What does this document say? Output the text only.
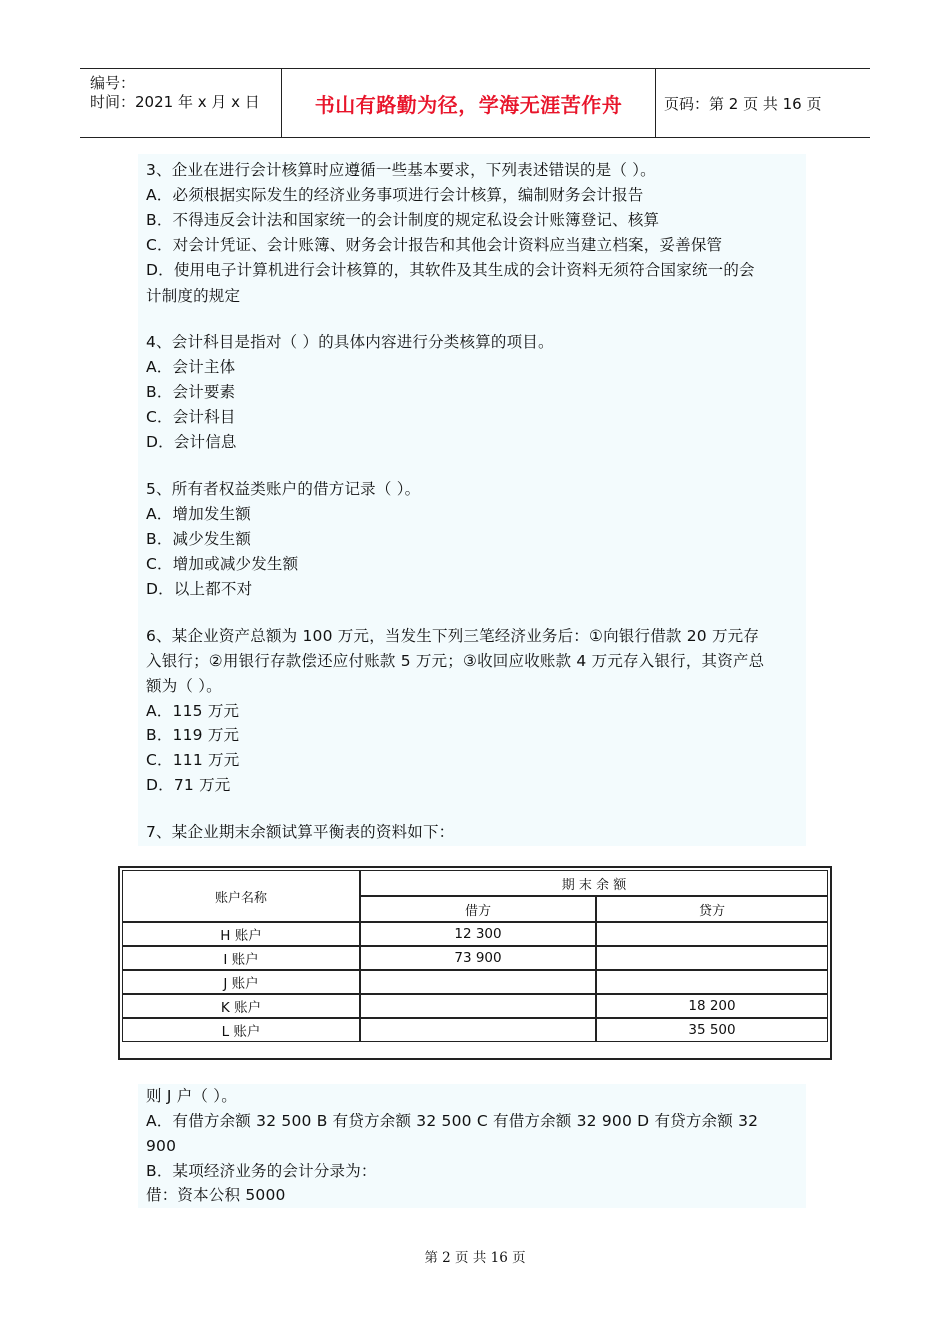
编号：
时间：2021 年 x 月 x 日	书山有路勤为径，学海无涯苦作舟	页码：第 2 页 共 16 页
3、企业在进行会计核算时应遵循一些基本要求，下列表述错误的是（ ）。
A．必须根据实际发生的经济业务事项进行会计核算，编制财务会计报告
B．不得违反会计法和国家统一的会计制度的规定私设会计账簿登记、核算
C．对会计凭证、会计账簿、财务会计报告和其他会计资料应当建立档案，妥善保管
D．使用电子计算机进行会计核算的，其软件及其生成的会计资料无须符合国家统一的会
计制度的规定
4、会计科目是指对（ ）的具体内容进行分类核算的项目。
A．会计主体
B．会计要素
C．会计科目
D．会计信息
5、所有者权益类账户的借方记录（ ）。
A．增加发生额
B．减少发生额
C．增加或减少发生额
D．以上都不对
6、某企业资产总额为 100 万元，当发生下列三笔经济业务后：①向银行借款 20 万元存
入银行；②用银行存款偿还应付账款 5 万元；③收回应收账款 4 万元存入银行，其资产总
额为（ ）。
A．115 万元
B．119 万元
C．111 万元
D．71 万元
7、某企业期末余额试算平衡表的资料如下：
账户名称	期 末 余 额	
	借方	贷方
H 账户	12 300	
I 账户	73 900	
J 账户		
K 账户		18 200
L 账户		35 500
则 J 户（ ）。
A．有借方余额 32 500 B 有贷方余额 32 500 C 有借方余额 32 900 D 有贷方余额 32
900
B．某项经济业务的会计分录为：
借：资本公积 5000
第 2 页 共 16 页
